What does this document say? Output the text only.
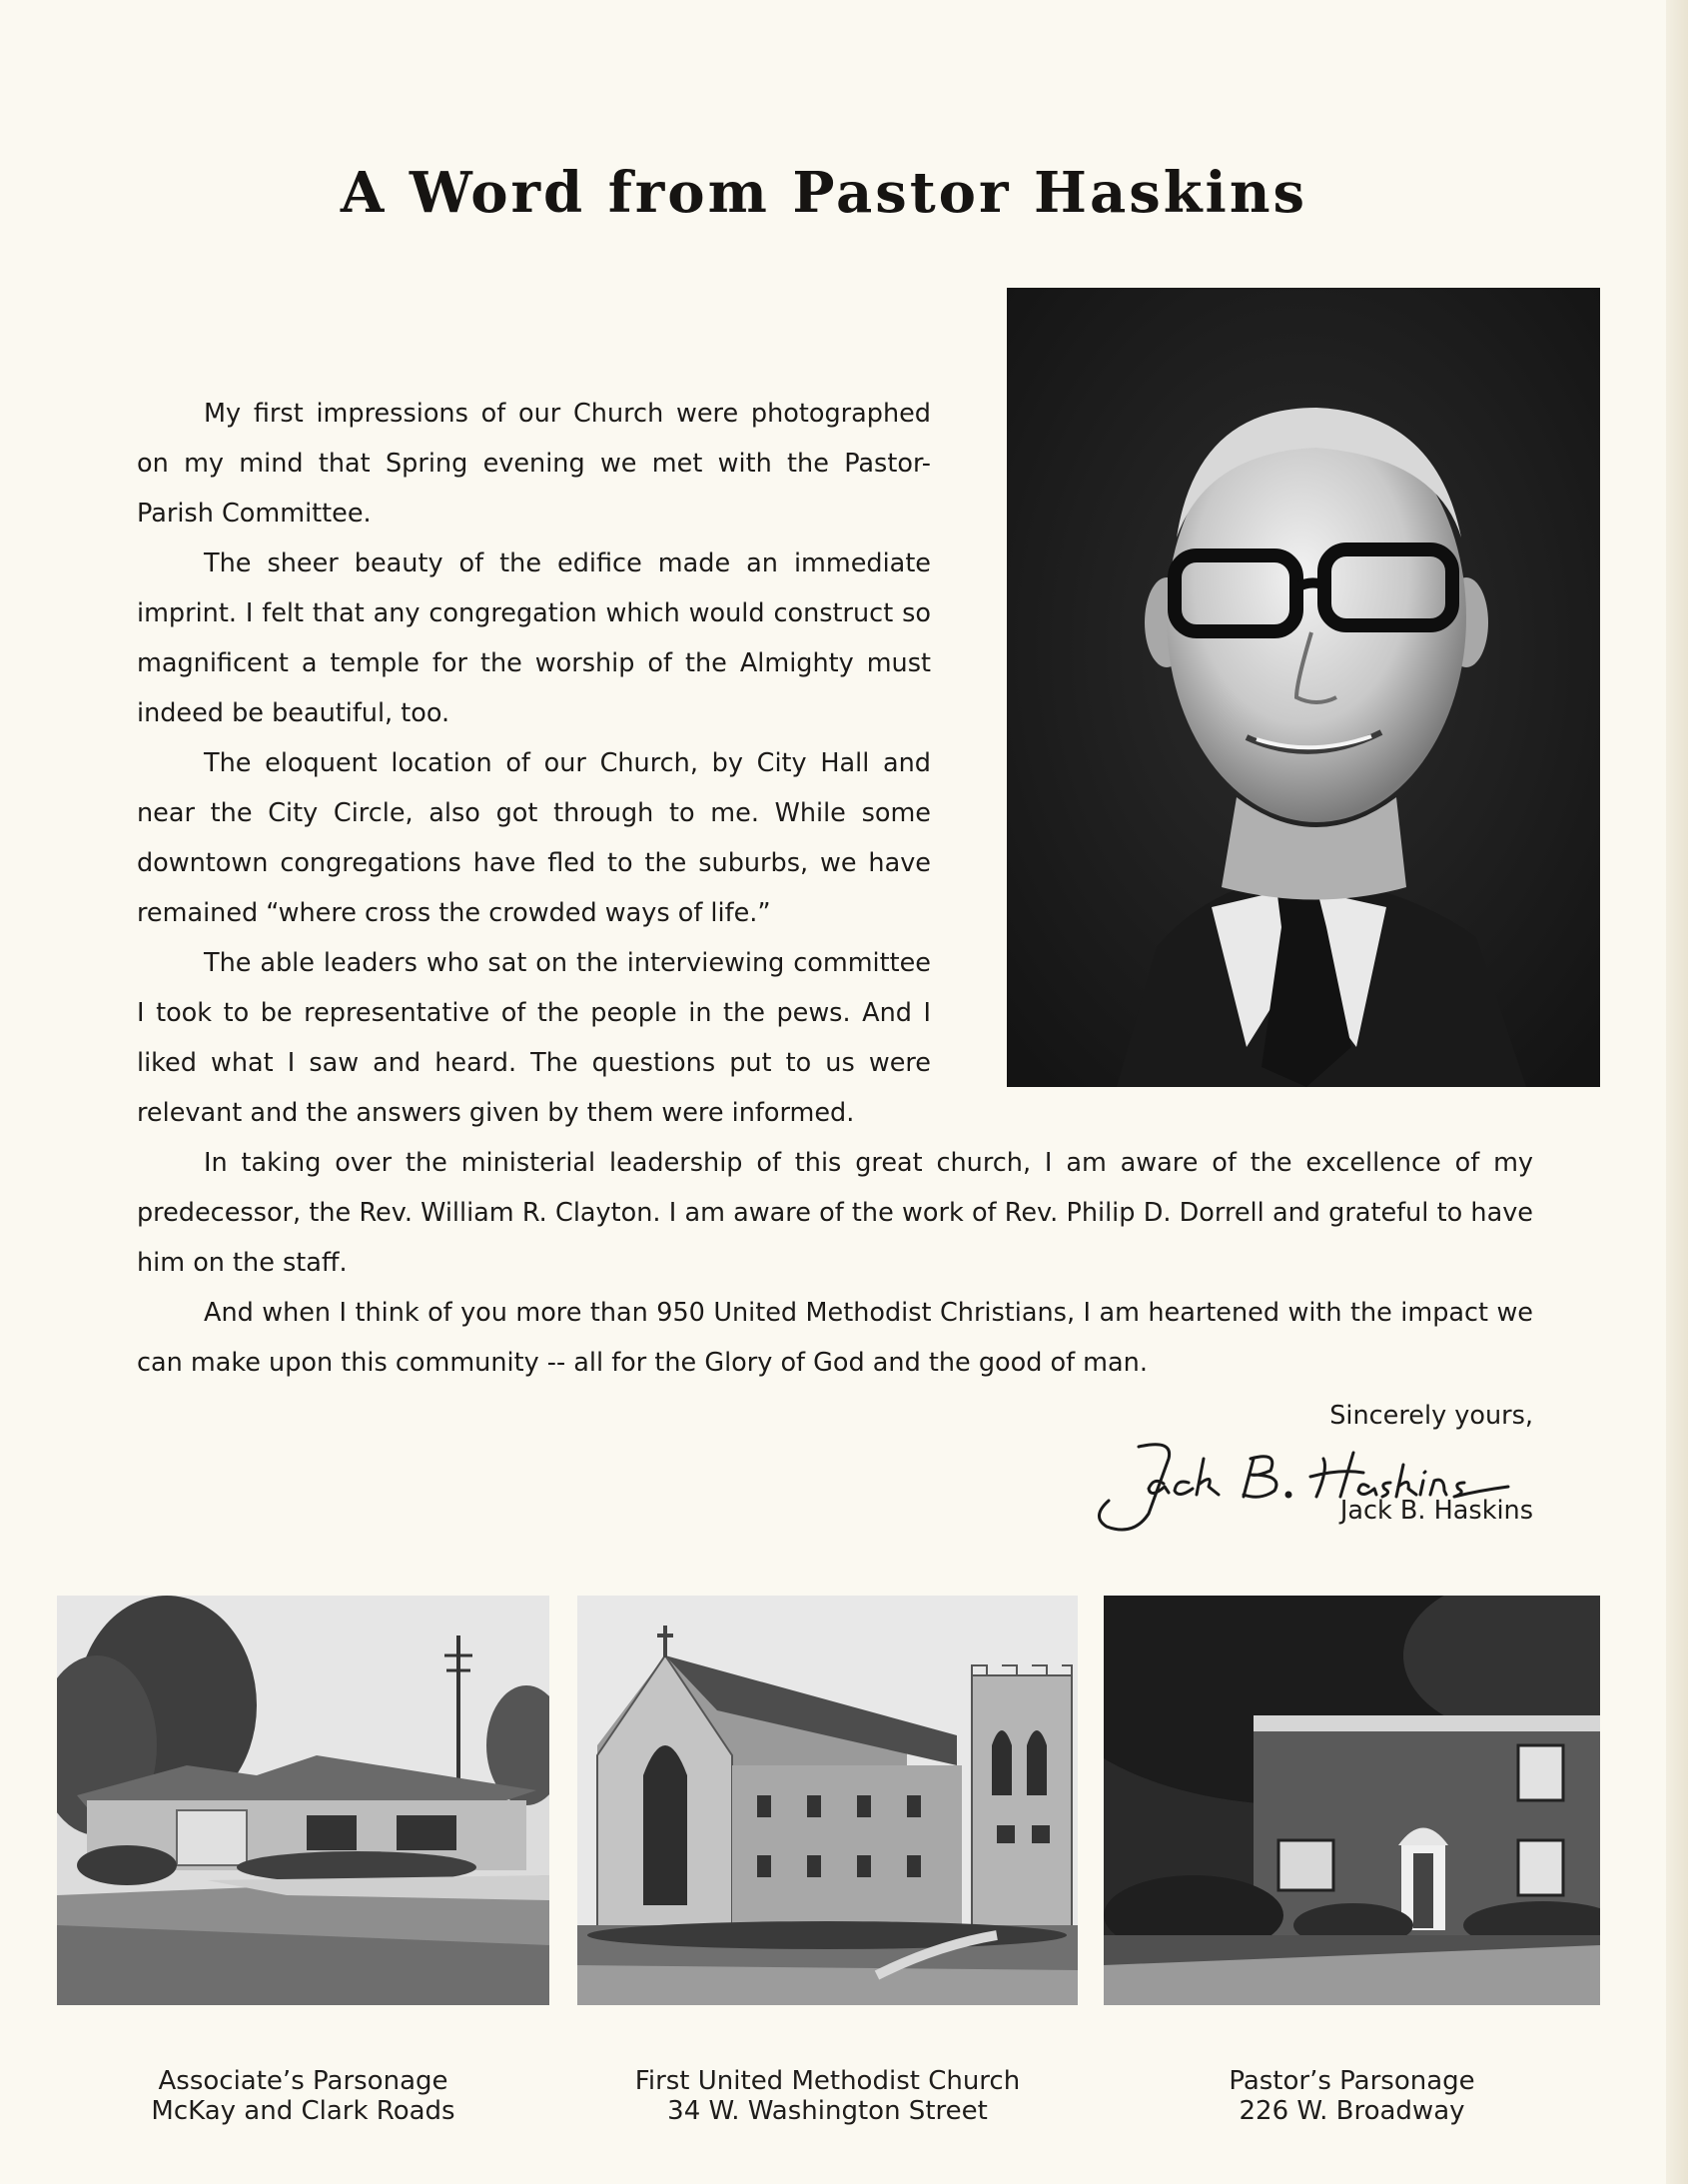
A Word from Pastor Haskins

My first impressions of our Church were photographed on my mind that Spring evening we met with the Pastor-Parish Committee.

The sheer beauty of the edifice made an immediate imprint. I felt that any congregation which would construct so magnificent a temple for the worship of the Almighty must indeed be beautiful, too.

The eloquent location of our Church, by City Hall and near the City Circle, also got through to me. While some downtown congregations have fled to the suburbs, we have remained “where cross the crowded ways of life.”

The able leaders who sat on the interviewing committee I took to be representative of the people in the pews. And I liked what I saw and heard. The questions put to us were relevant and the answers given by them were informed.

In taking over the ministerial leadership of this great church, I am aware of the excellence of my predecessor, the Rev. William R. Clayton. I am aware of the work of Rev. Philip D. Dorrell and grateful to have him on the staff.

And when I think of you more than 950 United Methodist Christians, I am heartened with the impact we can make upon this community -- all for the Glory of God and the good of man.

Sincerely yours,
Jack B. Haskins
Associate’s Parsonage
McKay and Clark Roads
First United Methodist Church
34 W. Washington Street
Pastor’s Parsonage
226 W. Broadway
